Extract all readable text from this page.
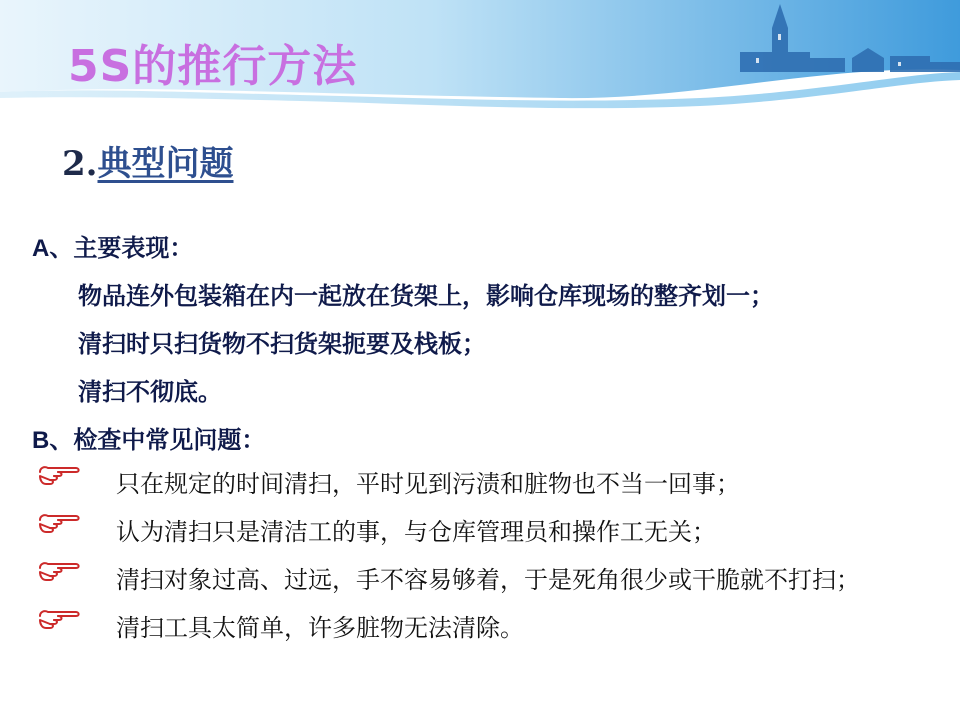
5S的推行方法
2.典型问题
A、主要表现：
物品连外包装箱在内一起放在货架上，影响仓库现场的整齐划一；
清扫时只扫货物不扫货架扼要及栈板；
清扫不彻底。
B、检查中常见问题：
只在规定的时间清扫，平时见到污渍和脏物也不当一回事；
认为清扫只是清洁工的事，与仓库管理员和操作工无关；
清扫对象过高、过远，手不容易够着，于是死角很少或干脆就不打扫；
清扫工具太简单，许多脏物无法清除。
